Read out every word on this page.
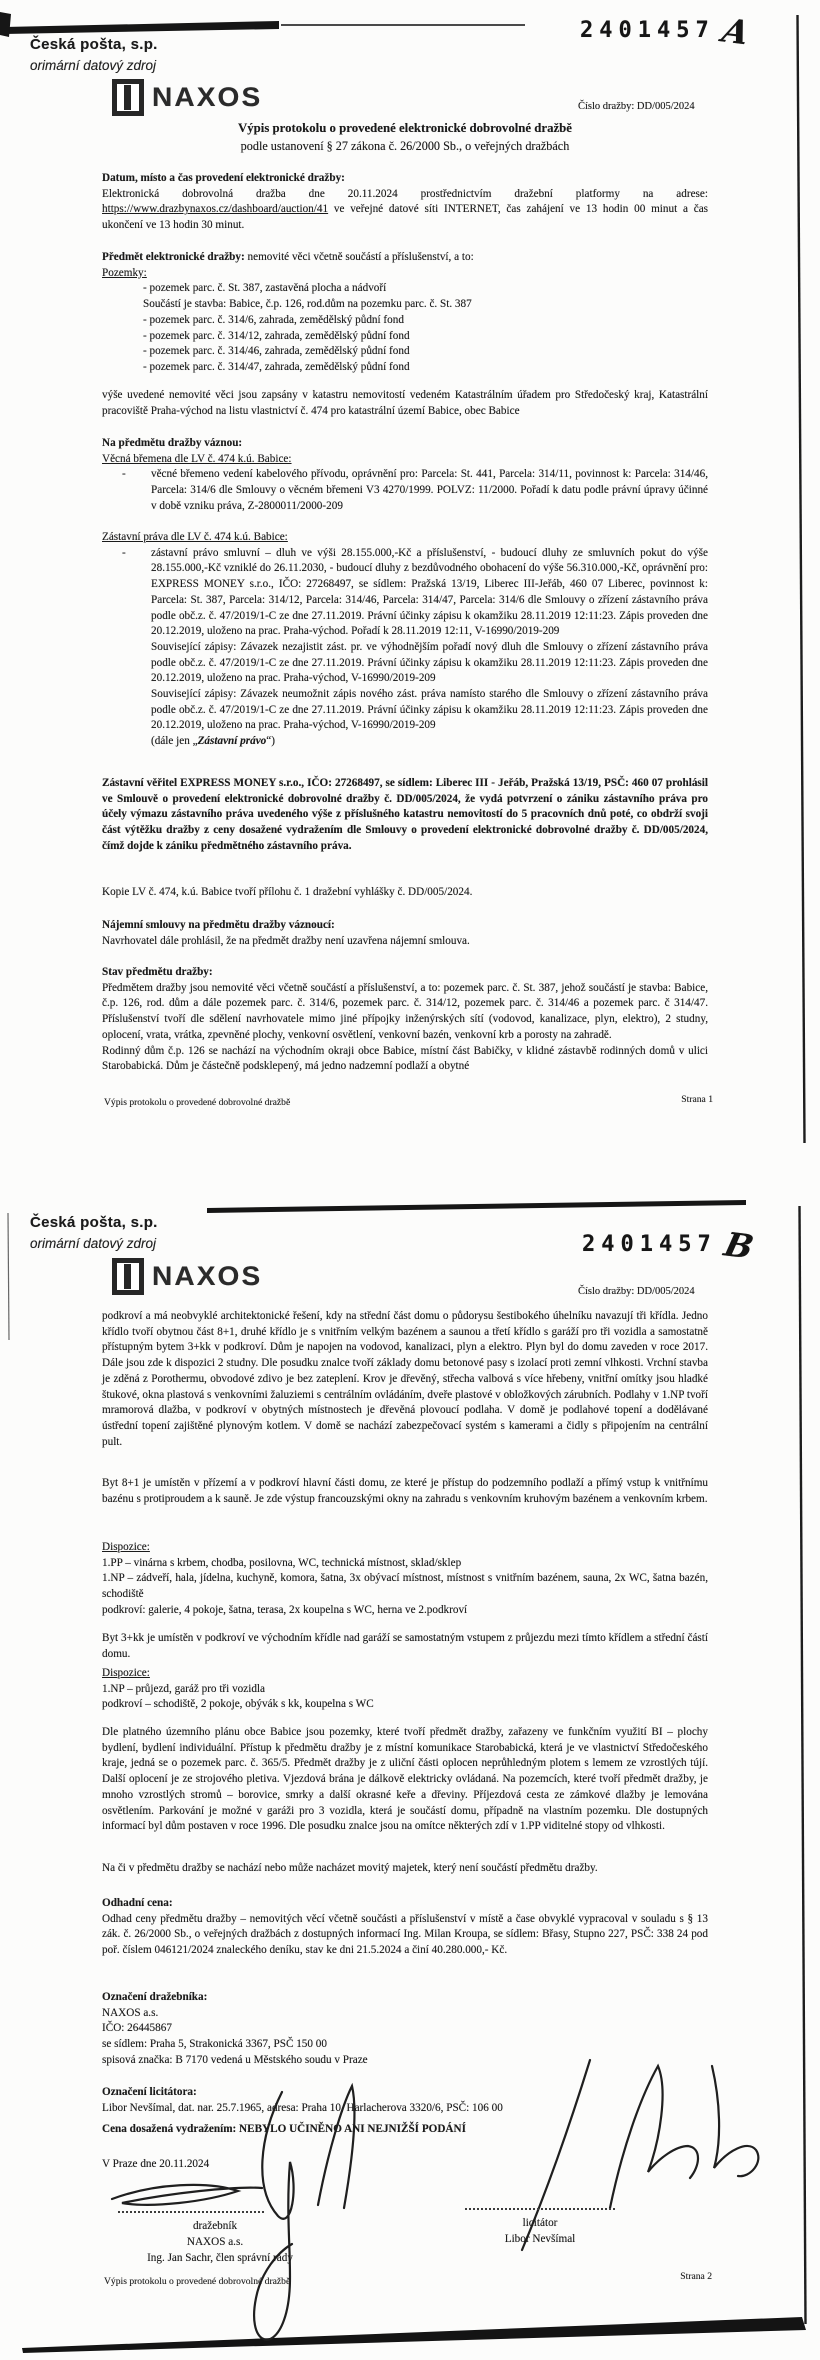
Česká pošta, s.p.
orimární datový zdroj
2401457 A
NAXOS	Číslo dražby: DD/005/2024
Výpis protokolu o provedené elektronické dobrovolné dražbě
podle ustanovení § 27 zákona č. 26/2000 Sb., o veřejných dražbách
Datum, místo a čas provedení elektronické dražby:

Elektronická dobrovolná dražba dne 20.11.2024 prostřednictvím dražební platformy na adrese: https://www.drazbynaxos.cz/dashboard/auction/41 ve veřejné datové síti INTERNET, čas zahájení ve 13 hodin 00 minut a čas ukončení ve 13 hodin 30 minut.

Předmět elektronické dražby: nemovité věci včetně součástí a příslušenství, a to:
Pozemky:
- pozemek parc. č. St. 387, zastavěná plocha a nádvoří
Součástí je stavba: Babice, č.p. 126, rod.dům na pozemku parc. č. St. 387
- pozemek parc. č. 314/6, zahrada, zemědělský půdní fond
- pozemek parc. č. 314/12, zahrada, zemědělský půdní fond
- pozemek parc. č. 314/46, zahrada, zemědělský půdní fond
- pozemek parc. č. 314/47, zahrada, zemědělský půdní fond

výše uvedené nemovité věci jsou zapsány v katastru nemovitostí vedeném Katastrálním úřadem pro Středočeský kraj, Katastrální pracoviště Praha-východ na listu vlastnictví č. 474 pro katastrální území Babice, obec Babice

Na předmětu dražby váznou:
Věcná břemena dle LV č. 474 k.ú. Babice:
- věcné břemeno vedení kabelového přívodu, oprávnění pro: Parcela: St. 441, Parcela: 314/11, povinnost k: Parcela: 314/46, Parcela: 314/6 dle Smlouvy o věcném břemeni V3 4270/1999. POLVZ: 11/2000. Pořadí k datu podle právní úpravy účinné v době vzniku práva, Z-2800011/2000-209
Zástavní práva dle LV č. 474 k.ú. Babice:
- zástavní právo smluvní – dluh ve výši 28.155.000,-Kč a příslušenství, - budoucí dluhy ze smluvních pokut do výše 28.155.000,-Kč vzniklé do 26.11.2030, - budoucí dluhy z bezdůvodného obohacení do výše 56.310.000,-Kč, oprávnění pro: EXPRESS MONEY s.r.o., IČO: 27268497, se sídlem: Pražská 13/19, Liberec III-Jeřáb, 460 07 Liberec, povinnost k: Parcela: St. 387, Parcela: 314/12, Parcela: 314/46, Parcela: 314/47, Parcela: 314/6 dle Smlouvy o zřízení zástavního práva podle obč.z. č. 47/2019/1-C ze dne 27.11.2019. Právní účinky zápisu k okamžiku 28.11.2019 12:11:23. Zápis proveden dne 20.12.2019, uloženo na prac. Praha-východ. Pořadí k 28.11.2019 12:11, V-16990/2019-209

Související zápisy: Závazek nezajistit zást. pr. ve výhodnějším pořadí nový dluh dle Smlouvy o zřízení zástavního práva podle obč.z. č. 47/2019/1-C ze dne 27.11.2019. Právní účinky zápisu k okamžiku 28.11.2019 12:11:23. Zápis proveden dne 20.12.2019, uloženo na prac. Praha-východ, V-16990/2019-209

Související zápisy: Závazek neumožnit zápis nového zást. práva namísto starého dle Smlouvy o zřízení zástavního práva podle obč.z. č. 47/2019/1-C ze dne 27.11.2019. Právní účinky zápisu k okamžiku 28.11.2019 12:11:23. Zápis proveden dne 20.12.2019, uloženo na prac. Praha-východ, V-16990/2019-209

(dále jen „Zástavní právo“)

Zástavní věřitel EXPRESS MONEY s.r.o., IČO: 27268497, se sídlem: Liberec III - Jeřáb, Pražská 13/19, PSČ: 460 07 prohlásil ve Smlouvě o provedení elektronické dobrovolné dražby č. DD/005/2024, že vydá potvrzení o zániku zástavního práva pro účely výmazu zástavního práva uvedeného výše z příslušného katastru nemovitostí do 5 pracovních dnů poté, co obdrží svoji část výtěžku dražby z ceny dosažené vydražením dle Smlouvy o provedení elektronické dobrovolné dražby č. DD/005/2024, čímž dojde k zániku předmětného zástavního práva.

Kopie LV č. 474, k.ú. Babice tvoří přílohu č. 1 dražební vyhlášky č. DD/005/2024.

Nájemní smlouvy na předmětu dražby váznoucí:

Navrhovatel dále prohlásil, že na předmět dražby není uzavřena nájemní smlouva.

Stav předmětu dražby:

Předmětem dražby jsou nemovité věci včetně součástí a příslušenství, a to: pozemek parc. č. St. 387, jehož součástí je stavba: Babice, č.p. 126, rod. dům a dále pozemek parc. č. 314/6, pozemek parc. č. 314/12, pozemek parc. č. 314/46 a pozemek parc. č 314/47. Příslušenství tvoří dle sdělení navrhovatele mimo jiné přípojky inženýrských sítí (vodovod, kanalizace, plyn, elektro), 2 studny, oplocení, vrata, vrátka, zpevněné plochy, venkovní osvětlení, venkovní bazén, venkovní krb a porosty na zahradě.

Rodinný dům č.p. 126 se nachází na východním okraji obce Babice, místní část Babičky, v klidné zástavbě rodinných domů v ulici Starobabická. Dům je částečně podsklepený, má jedno nadzemní podlaží a obytné

Výpis protokolu o provedené dobrovolné dražbě	Strana 1
Česká pošta, s.p.
orimární datový zdroj	2401457 B
NAXOS
Číslo dražby: DD/005/2024

podkroví a má neobvyklé architektonické řešení, kdy na střední část domu o půdorysu šestibokého úhelníku navazují tři křídla. Jedno křídlo tvoří obytnou část 8+1, druhé křídlo je s vnitřním velkým bazénem a saunou a třetí křídlo s garáží pro tři vozidla a samostatně přístupným bytem 3+kk v podkroví. Dům je napojen na vodovod, kanalizaci, plyn a elektro. Plyn byl do domu zaveden v roce 2017. Dále jsou zde k dispozici 2 studny. Dle posudku znalce tvoří základy domu betonové pasy s izolací proti zemní vlhkosti. Vrchní stavba je zděná z Porothermu, obvodové zdivo je bez zateplení. Krov je dřevěný, střecha valbová s více hřebeny, vnitřní omítky jsou hladké štukové, okna plastová s venkovními žaluziemi s centrálním ovládáním, dveře plastové v obložkových zárubních. Podlahy v 1.NP tvoří mramorová dlažba, v podkroví v obytných místnostech je dřevěná plovoucí podlaha. V domě je podlahové topení a dodělávané ústřední topení zajištěné plynovým kotlem. V domě se nachází zabezpečovací systém s kamerami a čidly s připojením na centrální pult.

Byt 8+1 je umístěn v přízemí a v podkroví hlavní části domu, ze které je přístup do podzemního podlaží a přímý vstup k vnitřnímu bazénu s protiproudem a k sauně. Je zde výstup francouzskými okny na zahradu s venkovním kruhovým bazénem a venkovním krbem.

Dispozice:
1.PP – vinárna s krbem, chodba, posilovna, WC, technická místnost, sklad/sklep
1.NP – zádveří, hala, jídelna, kuchyně, komora, šatna, 3x obývací místnost, místnost s vnitřním bazénem, sauna, 2x WC, šatna bazén, schodiště
podkroví: galerie, 4 pokoje, šatna, terasa, 2x koupelna s WC, herna ve 2.podkroví

Byt 3+kk je umístěn v podkroví ve východním křídle nad garáží se samostatným vstupem z průjezdu mezi tímto křídlem a střední částí domu.

Dispozice:
1.NP – průjezd, garáž pro tři vozidla
podkroví – schodiště, 2 pokoje, obývák s kk, koupelna s WC

Dle platného územního plánu obce Babice jsou pozemky, které tvoří předmět dražby, zařazeny ve funkčním využití BI – plochy bydlení, bydlení individuální. Přístup k předmětu dražby je z místní komunikace Starobabická, která je ve vlastnictví Středočeského kraje, jedná se o pozemek parc. č. 365/5. Předmět dražby je z uliční části oplocen neprůhledným plotem s lemem ze vzrostlých tújí. Další oplocení je ze strojového pletiva. Vjezdová brána je dálkově elektricky ovládaná. Na pozemcích, které tvoří předmět dražby, je mnoho vzrostlých stromů – borovice, smrky a další okrasné keře a dřeviny. Příjezdová cesta ze zámkové dlažby je lemována osvětlením. Parkování je možné v garáži pro 3 vozidla, která je součástí domu, případně na vlastním pozemku. Dle dostupných informací byl dům postaven v roce 1996. Dle posudku znalce jsou na omítce některých zdí v 1.PP viditelné stopy od vlhkosti.

Na či v předmětu dražby se nachází nebo může nacházet movitý majetek, který není součástí předmětu dražby.

Odhadní cena:

Odhad ceny předmětu dražby – nemovitých věcí včetně součásti a příslušenství v místě a čase obvyklé vypracoval v souladu s § 13 zák. č. 26/2000 Sb., o veřejných dražbách z dostupných informací Ing. Milan Kroupa, se sídlem: Břasy, Stupno 227, PSČ: 338 24 pod poř. číslem 046121/2024 znaleckého deníku, stav ke dni 21.5.2024 a činí 40.280.000,- Kč.

Označení dražebníka:
NAXOS a.s.
IČO: 26445867
se sídlem: Praha 5, Strakonická 3367, PSČ 150 00
spisová značka: B 7170 vedená u Městského soudu v Praze
Označení licitátora:
Libor Nevšímal, dat. nar. 25.7.1965, adresa: Praha 10, Harlacherova 3320/6, PSČ: 106 00
Cena dosažená vydražením: NEBYLO UČINĚNO ANI NEJNIŽŠÍ PODÁNÍ
V Praze dne 20.11.2024
dražebník
NAXOS a.s.
Ing. Jan Sachr, člen správní rady
licitátor
Libor Nevšímal
Výpis protokolu o provedené dobrovolné dražbě	Strana 2
